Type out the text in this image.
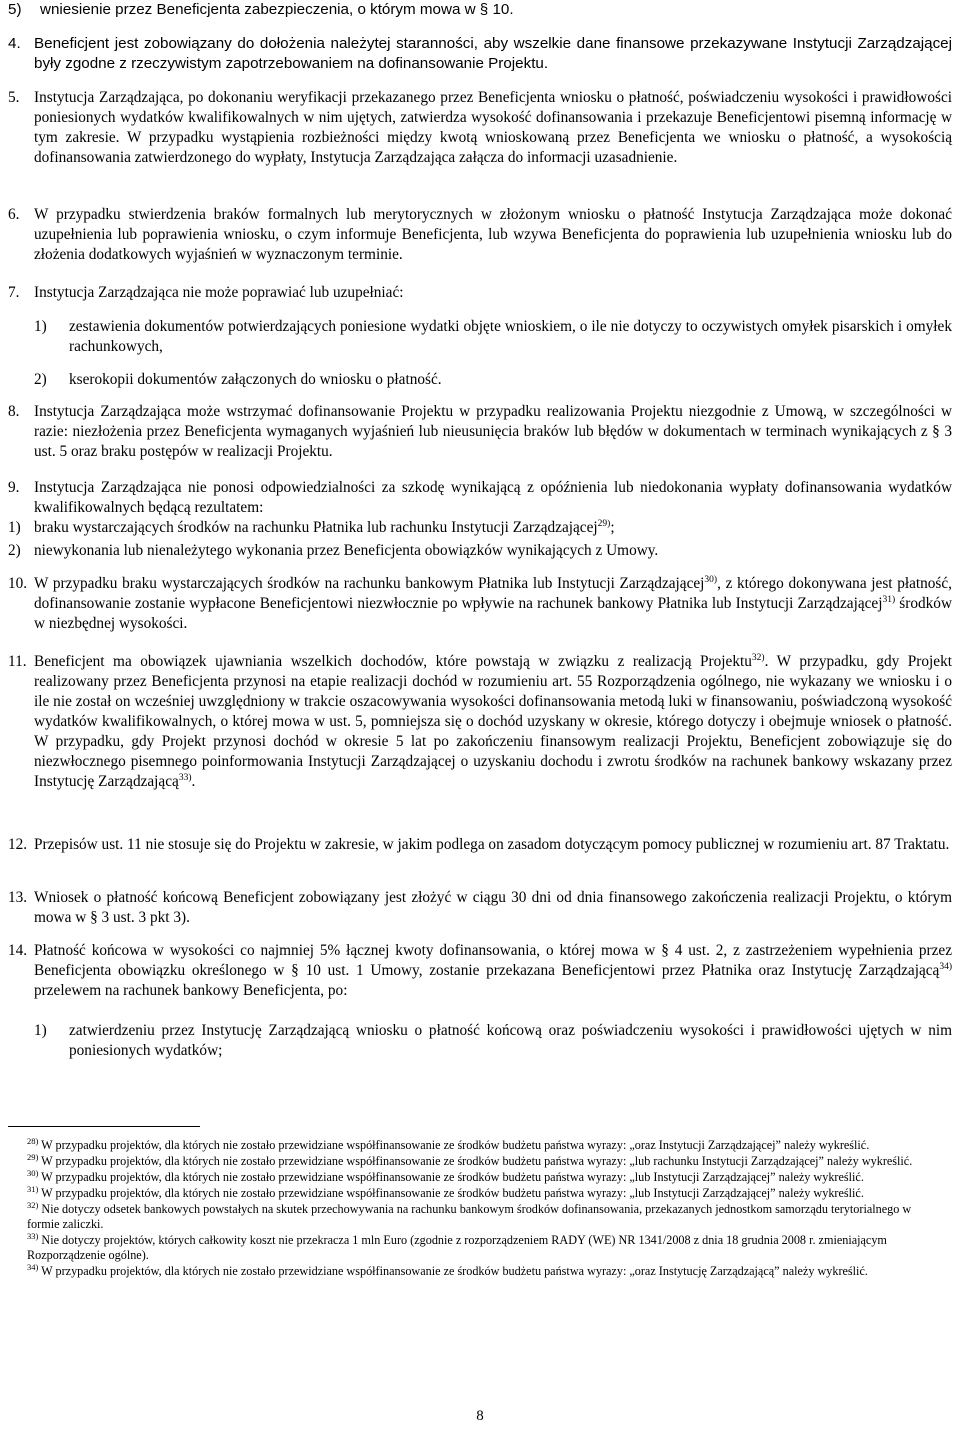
5)	wniesienie przez Beneficjenta zabezpieczenia, o którym mowa w § 10.
4. Beneficjent jest zobowiązany do dołożenia należytej staranności, aby wszelkie dane finansowe przekazywane Instytucji Zarządzającej były zgodne z rzeczywistym zapotrzebowaniem na dofinansowanie Projektu.
5. Instytucja Zarządzająca, po dokonaniu weryfikacji przekazanego przez Beneficjenta wniosku o płatność, poświadczeniu wysokości i prawidłowości poniesionych wydatków kwalifikowalnych w nim ujętych, zatwierdza wysokość dofinansowania i przekazuje Beneficjentowi pisemną informację w tym zakresie. W przypadku wystąpienia rozbieżności między kwotą wnioskowaną przez Beneficjenta we wniosku o płatność, a wysokością dofinansowania zatwierdzonego do wypłaty, Instytucja Zarządzająca załącza do informacji uzasadnienie.
6. W przypadku stwierdzenia braków formalnych lub merytorycznych w złożonym wniosku o płatność Instytucja Zarządzająca może dokonać uzupełnienia lub poprawienia wniosku, o czym informuje Beneficjenta, lub wzywa Beneficjenta do poprawienia lub uzupełnienia wniosku lub do złożenia dodatkowych wyjaśnień w wyznaczonym terminie.
7. Instytucja Zarządzająca nie może poprawiać lub uzupełniać:
1)	zestawienia dokumentów potwierdzających poniesione wydatki objęte wnioskiem, o ile nie dotyczy to oczywistych omyłek pisarskich i omyłek rachunkowych,
2)	kserokopii dokumentów załączonych do wniosku o płatność.
8. Instytucja Zarządzająca może wstrzymać dofinansowanie Projektu w przypadku realizowania Projektu niezgodnie z Umową, w szczególności w razie: niezłożenia przez Beneficjenta wymaganych wyjaśnień lub nieusunięcia braków lub błędów w dokumentach w terminach wynikających z § 3 ust. 5 oraz braku postępów w realizacji Projektu.
9. Instytucja Zarządzająca nie ponosi odpowiedzialności za szkodę wynikającą z opóźnienia lub niedokonania wypłaty dofinansowania wydatków kwalifikowalnych będącą rezultatem:
1) braku wystarczających środków na rachunku Płatnika lub rachunku Instytucji Zarządzającej$^{29)}$;
2) niewykonania lub nienależytego wykonania przez Beneficjenta obowiązków wynikających z Umowy.
10. W przypadku braku wystarczających środków na rachunku bankowym Płatnika lub Instytucji Zarządzającej$^{30)}$, z którego dokonywana jest płatność, dofinansowanie zostanie wypłacone Beneficjentowi niezwłocznie po wpływie na rachunek bankowy Płatnika lub Instytucji Zarządzającej$^{31)}$ środków w niezbędnej wysokości.
11. Beneficjent ma obowiązek ujawniania wszelkich dochodów, które powstają w związku z realizacją Projektu$^{32)}$. W przypadku, gdy Projekt realizowany przez Beneficjenta przynosi na etapie realizacji dochód w rozumieniu art. 55 Rozporządzenia ogólnego, nie wykazany we wniosku i o ile nie został on wcześniej uwzględniony w trakcie oszacowywania wysokości dofinansowania metodą luki w finansowaniu, poświadczoną wysokość wydatków kwalifikowalnych, o której mowa w ust. 5, pomniejsza się o dochód uzyskany w okresie, którego dotyczy i obejmuje wniosek o płatność. W przypadku, gdy Projekt przynosi dochód w okresie 5 lat po zakończeniu finansowym realizacji Projektu, Beneficjent zobowiązuje się do niezwłocznego pisemnego poinformowania Instytucji Zarządzającej o uzyskaniu dochodu i zwrotu środków na rachunek bankowy wskazany przez Instytucję Zarządzającą$^{33)}$.
12. Przepisów ust. 11 nie stosuje się do Projektu w zakresie, w jakim podlega on zasadom dotyczącym pomocy publicznej w rozumieniu art. 87 Traktatu.
13. Wniosek o płatność końcową Beneficjent zobowiązany jest złożyć w ciągu 30 dni od dnia finansowego zakończenia realizacji Projektu, o którym mowa w § 3 ust. 3 pkt 3).
14. Płatność końcowa w wysokości co najmniej 5% łącznej kwoty dofinansowania, o której mowa w § 4 ust. 2, z zastrzeżeniem wypełnienia przez Beneficjenta obowiązku określonego w § 10 ust. 1 Umowy, zostanie przekazana Beneficjentowi przez Płatnika oraz Instytucję Zarządzającą$^{34)}$ przelewem na rachunek bankowy Beneficjenta, po:
1)	zatwierdzeniu przez Instytucję Zarządzającą wniosku o płatność końcową oraz poświadczeniu wysokości i prawidłowości ujętych w nim poniesionych wydatków;
$^{28)}$ W przypadku projektów, dla których nie zostało przewidziane współfinansowanie ze środków budżetu państwa wyrazy: „oraz Instytucji Zarządzającej” należy wykreślić.
$^{29)}$ W przypadku projektów, dla których nie zostało przewidziane współfinansowanie ze środków budżetu państwa wyrazy: „lub rachunku Instytucji Zarządzającej” należy wykreślić.
$^{30)}$ W przypadku projektów, dla których nie zostało przewidziane współfinansowanie ze środków budżetu państwa wyrazy: „lub Instytucji Zarządzającej” należy wykreślić.
$^{31)}$ W przypadku projektów, dla których nie zostało przewidziane współfinansowanie ze środków budżetu państwa wyrazy: „lub Instytucji Zarządzającej” należy wykreślić.
$^{32)}$ Nie dotyczy odsetek bankowych powstałych na skutek przechowywania na rachunku bankowym środków dofinansowania, przekazanych jednostkom samorządu terytorialnego w formie zaliczki.
$^{33)}$ Nie dotyczy projektów, których całkowity koszt nie przekracza 1 mln Euro (zgodnie z rozporządzeniem RADY (WE) NR 1341/2008 z dnia 18 grudnia 2008 r. zmieniającym Rozporządzenie ogólne).
$^{34)}$ W przypadku projektów, dla których nie zostało przewidziane współfinansowanie ze środków budżetu państwa wyrazy: „oraz Instytucję Zarządzającą” należy wykreślić.
8
